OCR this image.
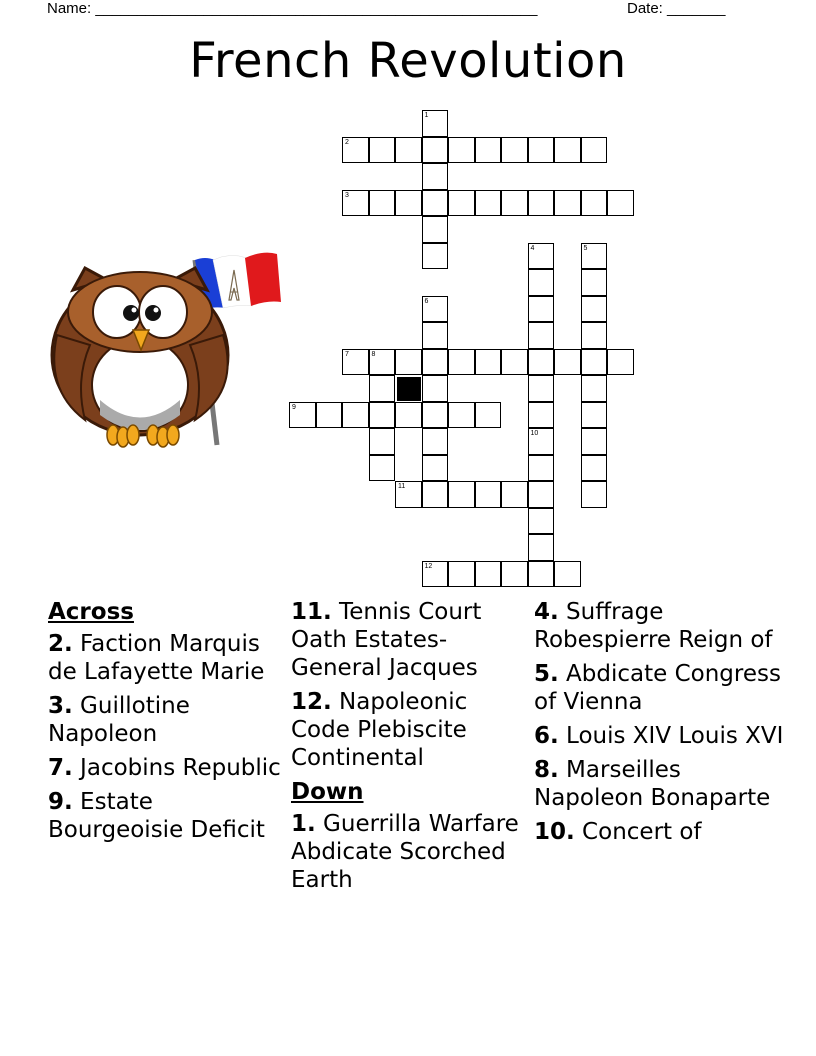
Name: _____________________________________________________	Date: _______
French Revolution
1
2
3
4	5
6
7	8
9
10
11
12
Across
2. Faction Marquis de Lafayette Marie
3. Guillotine Napoleon
7. Jacobins Republic
9. Estate Bourgeoisie Deficit
11. Tennis Court Oath Estates-General Jacques
12. Napoleonic Code Plebiscite Continental
Down
1. Guerrilla Warfare Abdicate Scorched Earth
4. Suffrage Robespierre Reign of
5. Abdicate Congress of Vienna
6. Louis XIV Louis XVI
8. Marseilles Napoleon Bonaparte
10. Concert of
